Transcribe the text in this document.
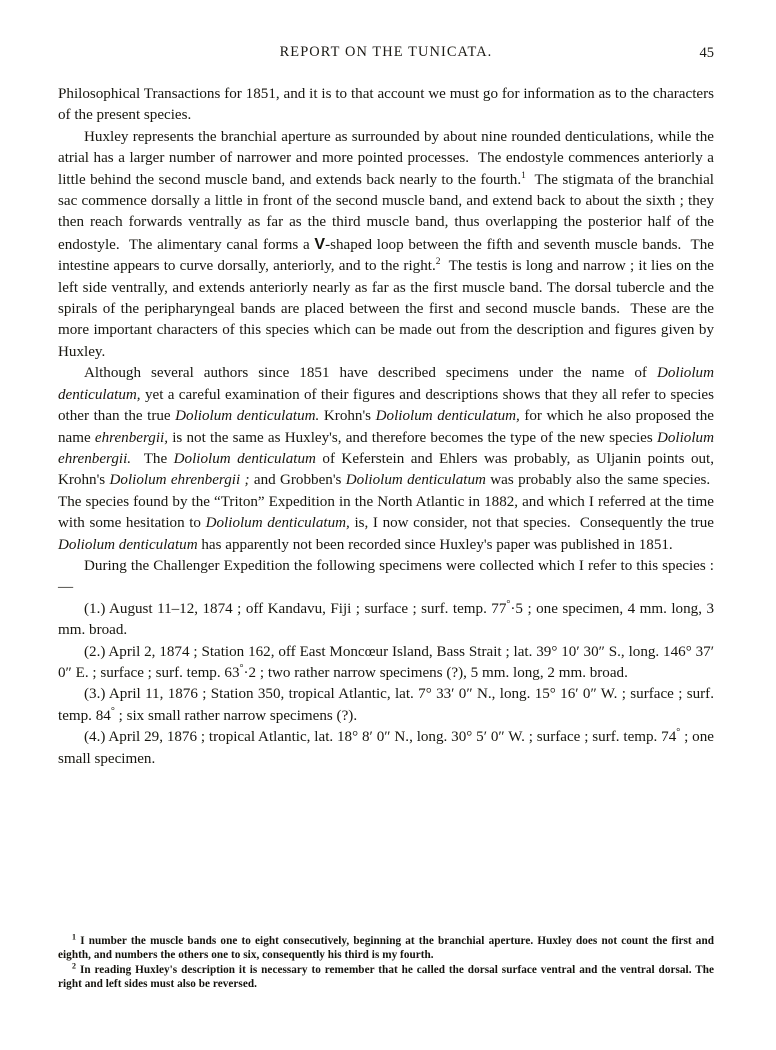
REPORT ON THE TUNICATA.	45

Philosophical Transactions for 1851, and it is to that account we must go for information as to the characters of the present species.

Huxley represents the branchial aperture as surrounded by about nine rounded denticulations, while the atrial has a larger number of narrower and more pointed processes.  The endostyle commences anteriorly a little behind the second muscle band, and extends back nearly to the fourth.$^1$  The stigmata of the branchial sac commence dorsally a little in front of the second muscle band, and extend back to about the sixth ; they then reach forwards ventrally as far as the third muscle band, thus overlapping the posterior half of the endostyle.  The alimentary canal forms a V-shaped loop between the fifth and seventh muscle bands.  The intestine appears to curve dorsally, anteriorly, and to the right.$^2$  The testis is long and narrow ; it lies on the left side ventrally, and extends anteriorly nearly as far as the first muscle band. The dorsal tubercle and the spirals of the peripharyngeal bands are placed between the first and second muscle bands.  These are the more important characters of this species which can be made out from the description and figures given by Huxley.

Although several authors since 1851 have described specimens under the name of Doliolum denticulatum, yet a careful examination of their figures and descriptions shows that they all refer to species other than the true Doliolum denticulatum. Krohn's Doliolum denticulatum, for which he also proposed the name ehrenbergii, is not the same as Huxley's, and therefore becomes the type of the new species Doliolum ehrenbergii.  The Doliolum denticulatum of Keferstein and Ehlers was probably, as Uljanin points out, Krohn's Doliolum ehrenbergii ; and Grobben's Doliolum denticulatum was probably also the same species.  The species found by the “Triton” Expedition in the North Atlantic in 1882, and which I referred at the time with some hesitation to Doliolum denticulatum, is, I now consider, not that species.  Consequently the true Doliolum denticulatum has apparently not been recorded since Huxley's paper was published in 1851.

During the Challenger Expedition the following specimens were collected which I refer to this species :—

(1.) August 11–12, 1874 ; off Kandavu, Fiji ; surface ; surf. temp. 77°·5 ; one specimen, 4 mm. long, 3 mm. broad.

(2.) April 2, 1874 ; Station 162, off East Moncœur Island, Bass Strait ; lat. 39° 10′ 30″ S., long. 146° 37′ 0″ E. ; surface ; surf. temp. 63°·2 ; two rather narrow specimens (?), 5 mm. long, 2 mm. broad.

(3.) April 11, 1876 ; Station 350, tropical Atlantic, lat. 7° 33′ 0″ N., long. 15° 16′ 0″ W. ; surface ; surf. temp. 84° ; six small rather narrow specimens (?).

(4.) April 29, 1876 ; tropical Atlantic, lat. 18° 8′ 0″ N., long. 30° 5′ 0″ W. ; surface ; surf. temp. 74° ; one small specimen.

$^1$ I number the muscle bands one to eight consecutively, beginning at the branchial aperture. Huxley does not count the first and eighth, and numbers the others one to six, consequently his third is my fourth.

$^2$ In reading Huxley's description it is necessary to remember that he called the dorsal surface ventral and the ventral dorsal. The right and left sides must also be reversed.
